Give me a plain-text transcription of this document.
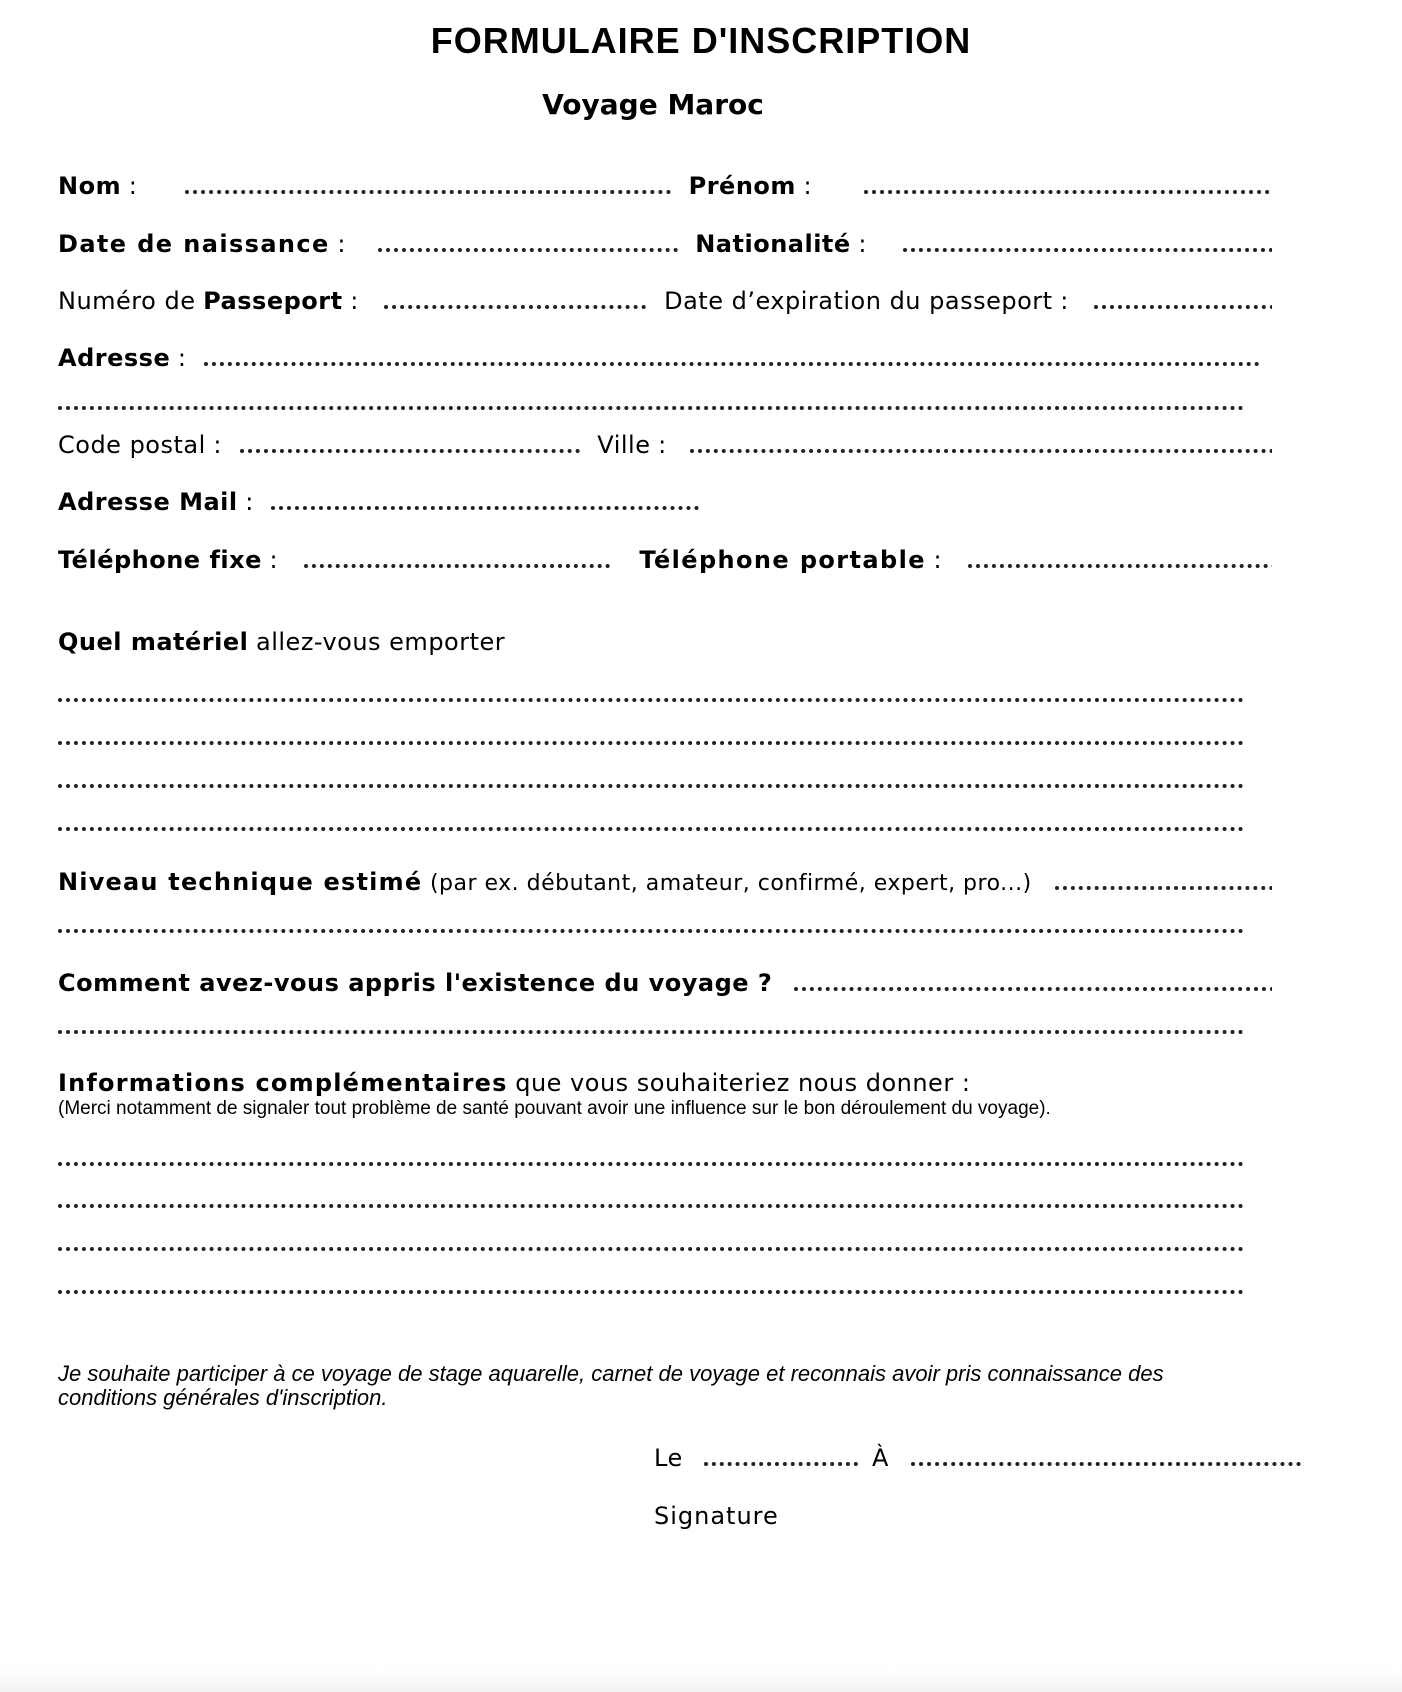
FORMULAIRE D'INSCRIPTION
Voyage Maroc
Nom :	Prénom :
Date de naissance :	Nationalité :
Numéro de Passeport :	Date d’expiration du passeport :
Adresse :
Code postal :	Ville :
Adresse Mail :
Téléphone fixe :	Téléphone portable :
Quel matériel allez-vous emporter
Niveau technique estimé (par ex. débutant, amateur, confirmé, expert, pro...)
Comment avez-vous appris l'existence du voyage ?
Informations complémentaires que vous souhaiteriez nous donner :
(Merci notamment de signaler tout problème de santé pouvant avoir une influence sur le bon déroulement du voyage).
Je souhaite participer à ce voyage de stage aquarelle, carnet de voyage et reconnais avoir pris connaissance des conditions générales d'inscription.
Le	À
Signature
